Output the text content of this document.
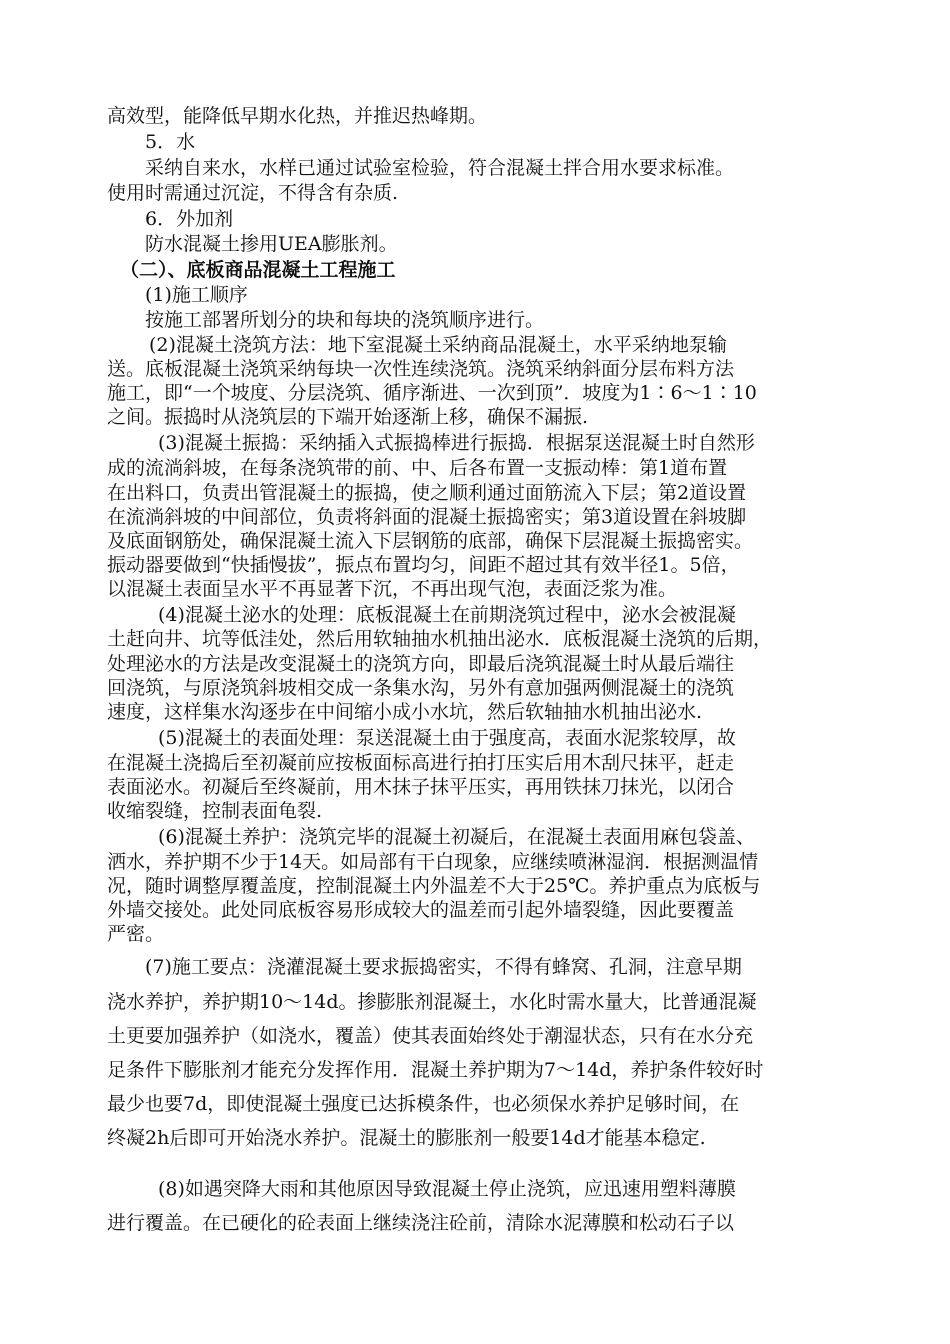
高效型，能降低早期水化热，并推迟热峰期。
5．水
采纳自来水，水样已通过试验室检验，符合混凝土拌合用水要求标准。
使用时需通过沉淀，不得含有杂质.
6．外加剂
防水混凝土掺用UEA膨胀剂。
（二）、底板商品混凝土工程施工
(1)施工顺序
按施工部署所划分的块和每块的浇筑顺序进行。
(2)混凝土浇筑方法：地下室混凝土采纳商品混凝土，水平采纳地泵输
送。底板混凝土浇筑采纳每块一次性连续浇筑。浇筑采纳斜面分层布料方法
施工，即“一个坡度、分层浇筑、循序渐进、一次到顶”．坡度为1∶6～1∶10
之间。振捣时从浇筑层的下端开始逐渐上移，确保不漏振.
(3)混凝土振捣：采纳插入式振捣棒进行振捣．根据泵送混凝土时自然形
成的流淌斜坡，在每条浇筑带的前、中、后各布置一支振动棒：第1道布置
在出料口，负责出管混凝土的振捣，使之顺利通过面筋流入下层；第2道设置
在流淌斜坡的中间部位，负责将斜面的混凝土振捣密实；第3道设置在斜坡脚
及底面钢筋处，确保混凝土流入下层钢筋的底部，确保下层混凝土振捣密实。
振动器要做到“快插慢拔”，振点布置均匀，间距不超过其有效半径1。5倍，
以混凝土表面呈水平不再显著下沉，不再出现气泡，表面泛浆为准。
(4)混凝土泌水的处理：底板混凝土在前期浇筑过程中，泌水会被混凝
土赶向井、坑等低洼处，然后用软轴抽水机抽出泌水．底板混凝土浇筑的后期，
处理泌水的方法是改变混凝土的浇筑方向，即最后浇筑混凝土时从最后端往
回浇筑，与原浇筑斜坡相交成一条集水沟，另外有意加强两侧混凝土的浇筑
速度，这样集水沟逐步在中间缩小成小水坑，然后软轴抽水机抽出泌水.
(5)混凝土的表面处理：泵送混凝土由于强度高，表面水泥浆较厚，故
在混凝土浇捣后至初凝前应按板面标高进行拍打压实后用木刮尺抹平，赶走
表面泌水。初凝后至终凝前，用木抹子抹平压实，再用铁抹刀抹光，以闭合
收缩裂缝，控制表面龟裂.
(6)混凝土养护：浇筑完毕的混凝土初凝后，在混凝土表面用麻包袋盖、
洒水，养护期不少于14天。如局部有干白现象，应继续喷淋湿润．根据测温情
况，随时调整厚覆盖度，控制混凝土内外温差不大于25℃。养护重点为底板与
外墙交接处。此处同底板容易形成较大的温差而引起外墙裂缝，因此要覆盖
严密。
(7)施工要点：浇灌混凝土要求振捣密实，不得有蜂窝、孔洞，注意早期
浇水养护，养护期10～14d。掺膨胀剂混凝土，水化时需水量大，比普通混凝
土更要加强养护（如浇水，覆盖）使其表面始终处于潮湿状态，只有在水分充
足条件下膨胀剂才能充分发挥作用．混凝土养护期为7～14d，养护条件较好时
最少也要7d，即使混凝土强度已达拆模条件，也必须保水养护足够时间，在
终凝2h后即可开始浇水养护。混凝土的膨胀剂一般要14d才能基本稳定.
(8)如遇突降大雨和其他原因导致混凝土停止浇筑，应迅速用塑料薄膜
进行覆盖。在已硬化的砼表面上继续浇注砼前，清除水泥薄膜和松动石子以
